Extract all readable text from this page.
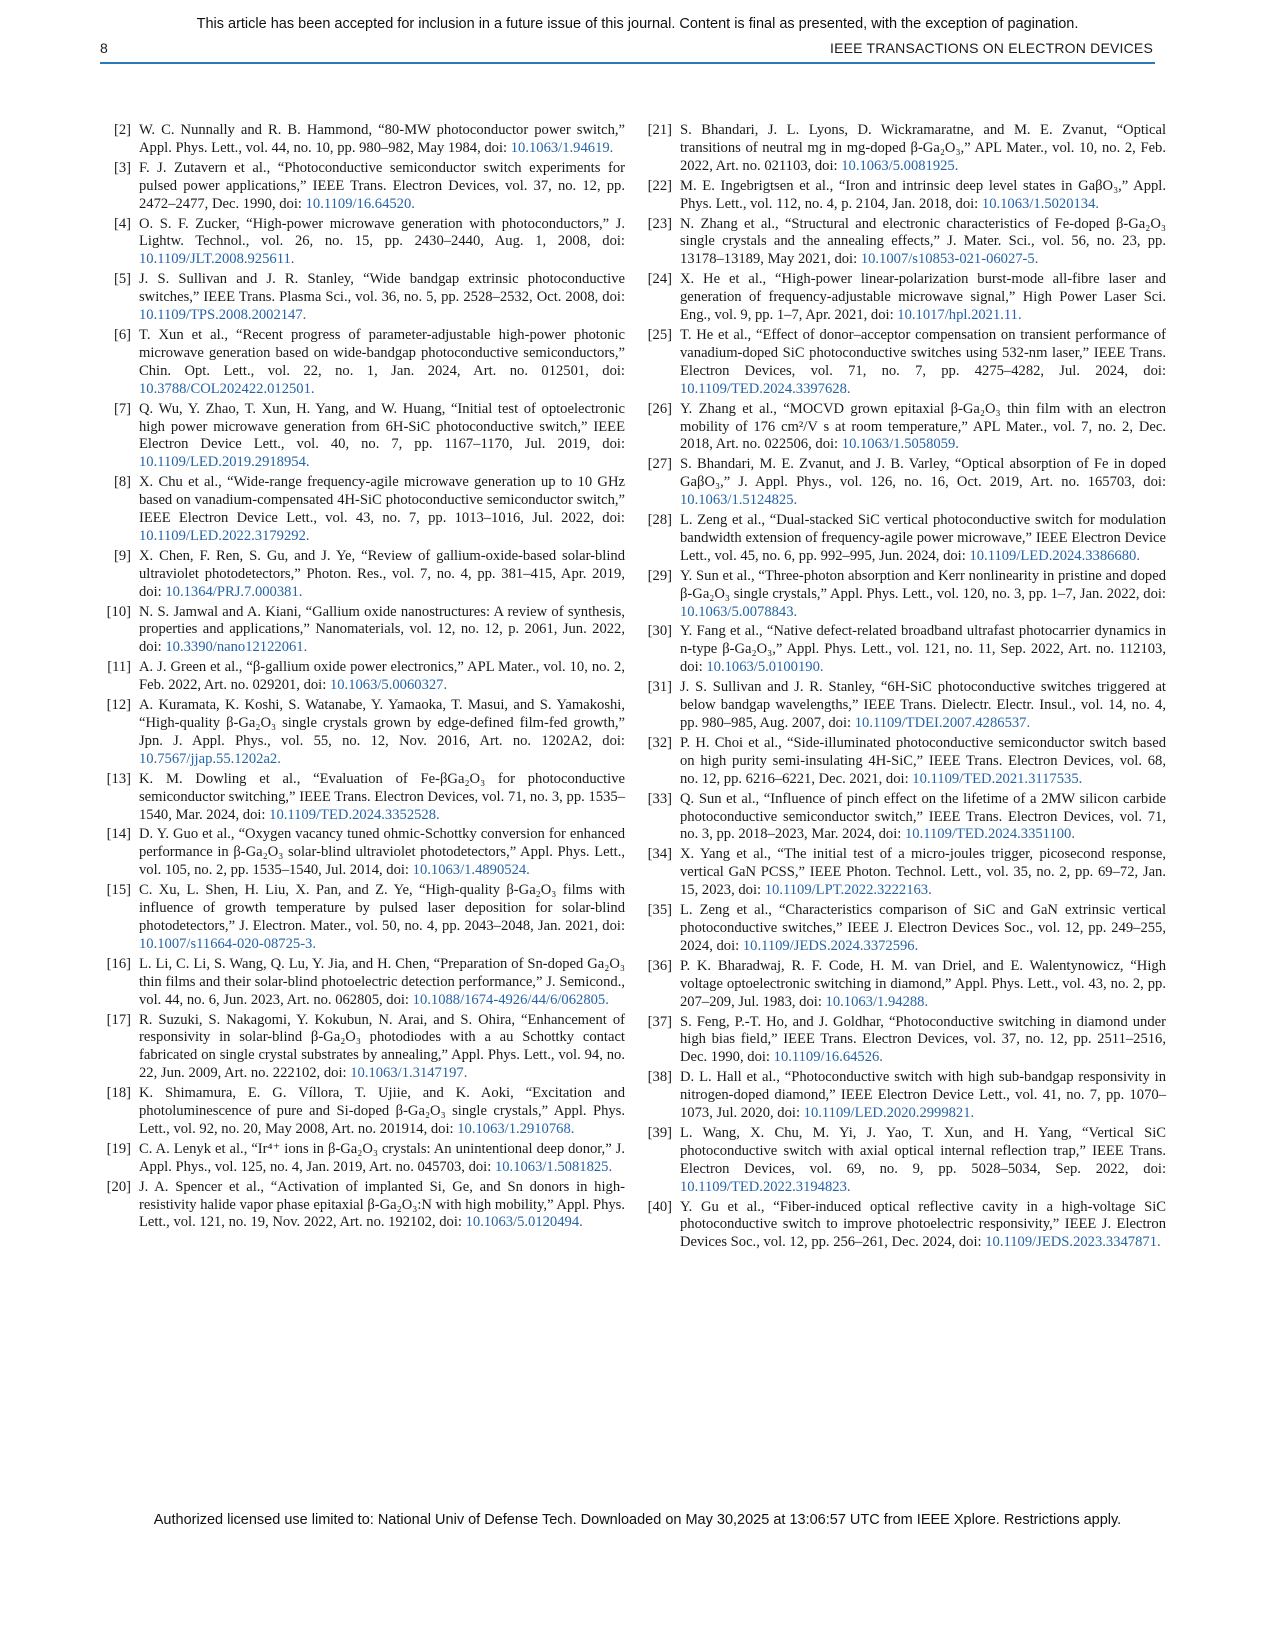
This article has been accepted for inclusion in a future issue of this journal. Content is final as presented, with the exception of pagination.
8	IEEE TRANSACTIONS ON ELECTRON DEVICES
[2] W. C. Nunnally and R. B. Hammond, “80-MW photoconductor power switch,” Appl. Phys. Lett., vol. 44, no. 10, pp. 980–982, May 1984, doi: 10.1063/1.94619.
[3] F. J. Zutavern et al., “Photoconductive semiconductor switch experiments for pulsed power applications,” IEEE Trans. Electron Devices, vol. 37, no. 12, pp. 2472–2477, Dec. 1990, doi: 10.1109/16.64520.
[4] O. S. F. Zucker, “High-power microwave generation with photoconductors,” J. Lightw. Technol., vol. 26, no. 15, pp. 2430–2440, Aug. 1, 2008, doi: 10.1109/JLT.2008.925611.
[5] J. S. Sullivan and J. R. Stanley, “Wide bandgap extrinsic photoconductive switches,” IEEE Trans. Plasma Sci., vol. 36, no. 5, pp. 2528–2532, Oct. 2008, doi: 10.1109/TPS.2008.2002147.
[6] T. Xun et al., “Recent progress of parameter-adjustable high-power photonic microwave generation based on wide-bandgap photoconductive semiconductors,” Chin. Opt. Lett., vol. 22, no. 1, Jan. 2024, Art. no. 012501, doi: 10.3788/COL202422.012501.
[7] Q. Wu, Y. Zhao, T. Xun, H. Yang, and W. Huang, “Initial test of optoelectronic high power microwave generation from 6H-SiC photoconductive switch,” IEEE Electron Device Lett., vol. 40, no. 7, pp. 1167–1170, Jul. 2019, doi: 10.1109/LED.2019.2918954.
[8] X. Chu et al., “Wide-range frequency-agile microwave generation up to 10 GHz based on vanadium-compensated 4H-SiC photoconductive semiconductor switch,” IEEE Electron Device Lett., vol. 43, no. 7, pp. 1013–1016, Jul. 2022, doi: 10.1109/LED.2022.3179292.
[9] X. Chen, F. Ren, S. Gu, and J. Ye, “Review of gallium-oxide-based solar-blind ultraviolet photodetectors,” Photon. Res., vol. 7, no. 4, pp. 381–415, Apr. 2019, doi: 10.1364/PRJ.7.000381.
[10] N. S. Jamwal and A. Kiani, “Gallium oxide nanostructures: A review of synthesis, properties and applications,” Nanomaterials, vol. 12, no. 12, p. 2061, Jun. 2022, doi: 10.3390/nano12122061.
[11] A. J. Green et al., “β-gallium oxide power electronics,” APL Mater., vol. 10, no. 2, Feb. 2022, Art. no. 029201, doi: 10.1063/5.0060327.
[12] A. Kuramata, K. Koshi, S. Watanabe, Y. Yamaoka, T. Masui, and S. Yamakoshi, “High-quality β-Ga₂O₃ single crystals grown by edge-defined film-fed growth,” Jpn. J. Appl. Phys., vol. 55, no. 12, Nov. 2016, Art. no. 1202A2, doi: 10.7567/jjap.55.1202a2.
[13] K. M. Dowling et al., “Evaluation of Fe-βGa₂O₃ for photoconductive semiconductor switching,” IEEE Trans. Electron Devices, vol. 71, no. 3, pp. 1535–1540, Mar. 2024, doi: 10.1109/TED.2024.3352528.
[14] D. Y. Guo et al., “Oxygen vacancy tuned ohmic-Schottky conversion for enhanced performance in β-Ga₂O₃ solar-blind ultraviolet photodetectors,” Appl. Phys. Lett., vol. 105, no. 2, pp. 1535–1540, Jul. 2014, doi: 10.1063/1.4890524.
[15] C. Xu, L. Shen, H. Liu, X. Pan, and Z. Ye, “High-quality β-Ga₂O₃ films with influence of growth temperature by pulsed laser deposition for solar-blind photodetectors,” J. Electron. Mater., vol. 50, no. 4, pp. 2043–2048, Jan. 2021, doi: 10.1007/s11664-020-08725-3.
[16] L. Li, C. Li, S. Wang, Q. Lu, Y. Jia, and H. Chen, “Preparation of Sn-doped Ga₂O₃ thin films and their solar-blind photoelectric detection performance,” J. Semicond., vol. 44, no. 6, Jun. 2023, Art. no. 062805, doi: 10.1088/1674-4926/44/6/062805.
[17] R. Suzuki, S. Nakagomi, Y. Kokubun, N. Arai, and S. Ohira, “Enhancement of responsivity in solar-blind β-Ga₂O₃ photodiodes with a au Schottky contact fabricated on single crystal substrates by annealing,” Appl. Phys. Lett., vol. 94, no. 22, Jun. 2009, Art. no. 222102, doi: 10.1063/1.3147197.
[18] K. Shimamura, E. G. Víllora, T. Ujiie, and K. Aoki, “Excitation and photoluminescence of pure and Si-doped β-Ga₂O₃ single crystals,” Appl. Phys. Lett., vol. 92, no. 20, May 2008, Art. no. 201914, doi: 10.1063/1.2910768.
[19] C. A. Lenyk et al., “Ir⁴⁺ ions in β-Ga₂O₃ crystals: An unintentional deep donor,” J. Appl. Phys., vol. 125, no. 4, Jan. 2019, Art. no. 045703, doi: 10.1063/1.5081825.
[20] J. A. Spencer et al., “Activation of implanted Si, Ge, and Sn donors in high-resistivity halide vapor phase epitaxial β-Ga₂O₃:N with high mobility,” Appl. Phys. Lett., vol. 121, no. 19, Nov. 2022, Art. no. 192102, doi: 10.1063/5.0120494.
[21] S. Bhandari, J. L. Lyons, D. Wickramaratne, and M. E. Zvanut, “Optical transitions of neutral mg in mg-doped β-Ga₂O₃,” APL Mater., vol. 10, no. 2, Feb. 2022, Art. no. 021103, doi: 10.1063/5.0081925.
[22] M. E. Ingebrigtsen et al., “Iron and intrinsic deep level states in GaβO₃,” Appl. Phys. Lett., vol. 112, no. 4, p. 2104, Jan. 2018, doi: 10.1063/1.5020134.
[23] N. Zhang et al., “Structural and electronic characteristics of Fe-doped β-Ga₂O₃ single crystals and the annealing effects,” J. Mater. Sci., vol. 56, no. 23, pp. 13178–13189, May 2021, doi: 10.1007/s10853-021-06027-5.
[24] X. He et al., “High-power linear-polarization burst-mode all-fibre laser and generation of frequency-adjustable microwave signal,” High Power Laser Sci. Eng., vol. 9, pp. 1–7, Apr. 2021, doi: 10.1017/hpl.2021.11.
[25] T. He et al., “Effect of donor–acceptor compensation on transient performance of vanadium-doped SiC photoconductive switches using 532-nm laser,” IEEE Trans. Electron Devices, vol. 71, no. 7, pp. 4275–4282, Jul. 2024, doi: 10.1109/TED.2024.3397628.
[26] Y. Zhang et al., “MOCVD grown epitaxial β-Ga₂O₃ thin film with an electron mobility of 176 cm²/V s at room temperature,” APL Mater., vol. 7, no. 2, Dec. 2018, Art. no. 022506, doi: 10.1063/1.5058059.
[27] S. Bhandari, M. E. Zvanut, and J. B. Varley, “Optical absorption of Fe in doped GaβO₃,” J. Appl. Phys., vol. 126, no. 16, Oct. 2019, Art. no. 165703, doi: 10.1063/1.5124825.
[28] L. Zeng et al., “Dual-stacked SiC vertical photoconductive switch for modulation bandwidth extension of frequency-agile power microwave,” IEEE Electron Device Lett., vol. 45, no. 6, pp. 992–995, Jun. 2024, doi: 10.1109/LED.2024.3386680.
[29] Y. Sun et al., “Three-photon absorption and Kerr nonlinearity in pristine and doped β-Ga₂O₃ single crystals,” Appl. Phys. Lett., vol. 120, no. 3, pp. 1–7, Jan. 2022, doi: 10.1063/5.0078843.
[30] Y. Fang et al., “Native defect-related broadband ultrafast photocarrier dynamics in n-type β-Ga₂O₃,” Appl. Phys. Lett., vol. 121, no. 11, Sep. 2022, Art. no. 112103, doi: 10.1063/5.0100190.
[31] J. S. Sullivan and J. R. Stanley, “6H-SiC photoconductive switches triggered at below bandgap wavelengths,” IEEE Trans. Dielectr. Electr. Insul., vol. 14, no. 4, pp. 980–985, Aug. 2007, doi: 10.1109/TDEI.2007.4286537.
[32] P. H. Choi et al., “Side-illuminated photoconductive semiconductor switch based on high purity semi-insulating 4H-SiC,” IEEE Trans. Electron Devices, vol. 68, no. 12, pp. 6216–6221, Dec. 2021, doi: 10.1109/TED.2021.3117535.
[33] Q. Sun et al., “Influence of pinch effect on the lifetime of a 2MW silicon carbide photoconductive semiconductor switch,” IEEE Trans. Electron Devices, vol. 71, no. 3, pp. 2018–2023, Mar. 2024, doi: 10.1109/TED.2024.3351100.
[34] X. Yang et al., “The initial test of a micro-joules trigger, picosecond response, vertical GaN PCSS,” IEEE Photon. Technol. Lett., vol. 35, no. 2, pp. 69–72, Jan. 15, 2023, doi: 10.1109/LPT.2022.3222163.
[35] L. Zeng et al., “Characteristics comparison of SiC and GaN extrinsic vertical photoconductive switches,” IEEE J. Electron Devices Soc., vol. 12, pp. 249–255, 2024, doi: 10.1109/JEDS.2024.3372596.
[36] P. K. Bharadwaj, R. F. Code, H. M. van Driel, and E. Walentynowicz, “High voltage optoelectronic switching in diamond,” Appl. Phys. Lett., vol. 43, no. 2, pp. 207–209, Jul. 1983, doi: 10.1063/1.94288.
[37] S. Feng, P.-T. Ho, and J. Goldhar, “Photoconductive switching in diamond under high bias field,” IEEE Trans. Electron Devices, vol. 37, no. 12, pp. 2511–2516, Dec. 1990, doi: 10.1109/16.64526.
[38] D. L. Hall et al., “Photoconductive switch with high sub-bandgap responsivity in nitrogen-doped diamond,” IEEE Electron Device Lett., vol. 41, no. 7, pp. 1070–1073, Jul. 2020, doi: 10.1109/LED.2020.2999821.
[39] L. Wang, X. Chu, M. Yi, J. Yao, T. Xun, and H. Yang, “Vertical SiC photoconductive switch with axial optical internal reflection trap,” IEEE Trans. Electron Devices, vol. 69, no. 9, pp. 5028–5034, Sep. 2022, doi: 10.1109/TED.2022.3194823.
[40] Y. Gu et al., “Fiber-induced optical reflective cavity in a high-voltage SiC photoconductive switch to improve photoelectric responsivity,” IEEE J. Electron Devices Soc., vol. 12, pp. 256–261, Dec. 2024, doi: 10.1109/JEDS.2023.3347871.
Authorized licensed use limited to: National Univ of Defense Tech. Downloaded on May 30,2025 at 13:06:57 UTC from IEEE Xplore. Restrictions apply.
